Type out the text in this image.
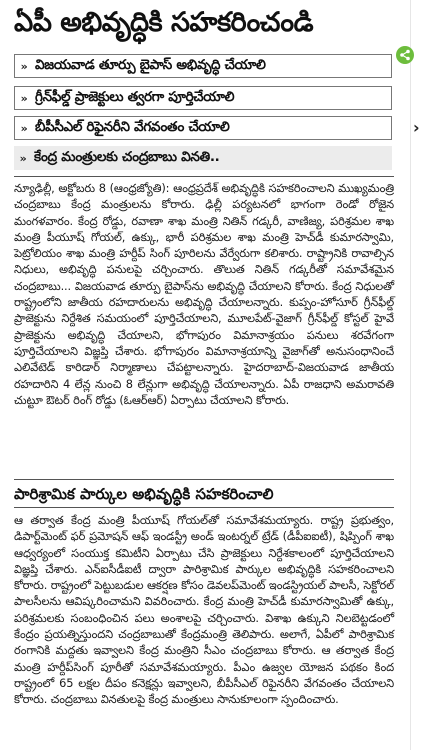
ఏపీ అభివృద్ధికి సహకరించండి
» విజయవాడ తూర్పు బైపాస్‌ అభివృద్ధి చేయాలి
» గ్రీన్‌ఫీల్డ్‌ ప్రాజెక్టులు త్వరగా పూర్తిచేయాలి
» బీపీసీఎల్‌ రిఫైనరీని వేగవంతం చేయాలి
» కేంద్ర మంత్రులకు చంద్రబాబు వినతి..

న్యూఢిల్లీ, అక్టోబరు 8 (ఆంధ్రజ్యోతి): ఆంధ్రప్రదేశ్‌ అభివృద్ధికి సహకరించాలని ముఖ్యమంత్రి చంద్రబాబు కేంద్ర మంత్రులను కోరారు. ఢిల్లీ పర్యటనలో భాగంగా రెండో రోజైన మంగళవారం. కేంద్ర రోడ్డు, రవాణా శాఖ మంత్రి నితిన్‌ గడ్కరీ, వాణిజ్య, పరిశ్రమల శాఖ మంత్రి పీయూష్‌ గోయల్‌, ఉక్కు, భారీ పరిశ్రమల శాఖ మంత్రి హెచ్‌డీ కుమారస్వామి, పెట్రోలియం శాఖ మంత్రి హర్దీప్‌ సింగ్‌ పూరిలను వేర్వేరుగా కలిశారు. రాష్ట్రానికి రావాల్సిన నిధులు, అభివృద్ధి పనులపై చర్చించారు. తొలుత నితిన్‌ గడ్కరీతో సమావేశమైన చంద్రబాబు... విజయవాడ తూర్పు బైపాస్‌ను అభివృద్ధి చేయాలని కోరారు. కేంద్ర నిధులతో రాష్ట్రంలోని జాతీయ రహదారులను అభివృద్ధి చేయాలన్నారు. కుప్పం-హోసూర్‌ గ్రీన్‌ఫీల్డ్‌ ప్రాజెక్టును నిర్దేశిత సమయంలో పూర్తిచేయాలని, మూలపేట్‌-వైజాగ్‌ గ్రీన్‌ఫీల్డ్‌ కోస్టల్‌ హైవే ప్రాజెక్టును అభివృద్ధి చేయాలని, భోగాపురం విమానాశ్రయం పనులు శరవేగంగా పూర్తిచేయాలని విజ్ఞప్తి చేశారు. భోగాపురం విమానాశ్రయాన్ని వైజాగ్‌తో అనుసంధానించే ఎలివేటెడ్‌ కారిడార్‌ నిర్మాణాలు చేపట్టాలన్నారు. హైదరాబాద్‌-విజయవాడ జాతీయ రహదారిని 4 లేన్ల నుంచి 8 లేన్లుగా అభివృద్ధి చేయాలన్నారు. ఏపీ రాజధాని అమరావతి చుట్టూ ఔటర్‌ రింగ్‌ రోడ్డు (ఓఆర్‌ఆర్‌) ఏర్పాటు చేయాలని కోరారు.

పారిశ్రామిక పార్కుల అభివృద్ధికి సహకరించాలి

ఆ తర్వాత కేంద్ర మంత్రి పీయూష్‌ గోయల్‌తో సమావేశమయ్యారు. రాష్ట్ర ప్రభుత్వం, డిపార్ట్‌మెంట్‌ ఫర్‌ ప్రమోషన్‌ ఆఫ్‌ ఇండస్ట్రీ అండ్‌ ఇంటర్నల్‌ ట్రేడ్‌ (డీపీఐఐటీ), షిప్పింగ్‌ శాఖ ఆధ్వర్యంలో సంయుక్త కమిటీని ఏర్పాటు చేసి ప్రాజెక్టులు నిర్దేశకాలంలో పూర్తిచేయాలని విజ్ఞప్తి చేశారు. ఎన్‌ఐసీడీఐటీ ద్వారా పారిశ్రామిక పార్కుల అభివృద్ధికి సహకరించాలని కోరారు. రాష్ట్రంలో పెట్టుబడుల ఆకర్షణ కోసం డెవలప్‌మెంట్‌ ఇండస్ట్రియల్‌ పాలసీ, సెక్టోరల్‌ పాలసీలను ఆవిష్కరించామని వివరించారు. కేంద్ర మంత్రి హెచ్‌డీ కుమారస్వామితో ఉక్కు, పరిశ్రమలకు సంబంధించిన పలు అంశాలపై చర్చించారు. విశాఖ ఉక్కుని నిలబెట్టడంలో కేంద్రం ప్రయత్నిస్తుందని చంద్రబాబుతో కేంద్రమంత్రి తెలిపారు. అలాగే, ఏపీలో పారిశ్రామిక రంగానికి మద్దతు ఇవ్వాలని కేంద్ర మంత్రిని సీఎం చంద్రబాబు కోరారు. ఆ తర్వాత కేంద్ర మంత్రి హర్దీప్‌సింగ్‌ పూరీతో సమావేశమయ్యారు. పీఎం ఉజ్వల యోజన పథకం కింద రాష్ట్రంలో 65 లక్షల దీపం కనెక్షన్లు ఇవ్వాలని, బీపీసీఎల్‌ రిఫైనరీని వేగవంతం చేయాలని కోరారు. చంద్రబాబు వినతులపై కేంద్ర మంత్రులు సానుకూలంగా స్పందించారు.

›
